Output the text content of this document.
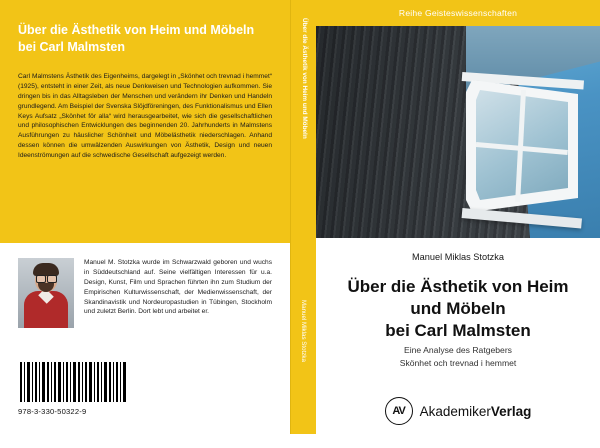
Über die Ästhetik von Heim und Möbeln bei Carl Malmsten
Carl Malmstens Ästhetik des Eigenheims, dargelegt in „Skönhet och trevnad i hemmet“ (1925), entsteht in einer Zeit, als neue Denkweisen und Technologien aufkommen. Sie dringen bis in das Alltagsleben der Menschen und verändern ihr Denken und Handeln grundlegend. Am Beispiel der Svenska Slöjdföreningen, des Funktionalismus und Ellen Keys Aufsatz „Skönhet för alla“ wird herausgearbeitet, wie sich die gesellschaftlichen und philosophischen Entwicklungen des beginnenden 20. Jahrhunderts in Malmstens Ausführungen zu häuslicher Schönheit und Möbelästhetik niederschlagen. Anhand dessen können die umwälzenden Auswirkungen von Ästhetik, Design und neuen Ideenströmungen auf die schwedische Gesellschaft aufgezeigt werden.
Manuel M. Stotzka wurde im Schwarzwald geboren und wuchs in Süddeutschland auf. Seine vielfältigen Interessen für u.a. Design, Kunst, Film und Sprachen führten ihn zum Studium der Empirischen Kulturwissenschaft, der Medienwissenschaft, der Skandinavistik und Nordeuropastudien in Tübingen, Stockholm und zuletzt Berlin. Dort lebt und arbeitet er.
978-3-330-50322-9
Über die Ästhetik von Heim und Möbeln
Manuel Miklas Stotzka
Reihe Geisteswissenschaften
Manuel Miklas Stotzka
Über die Ästhetik von Heim
und Möbeln
bei Carl Malmsten
Eine Analyse des Ratgebers
Skönhet och trevnad i hemmet
AV	AkademikerVerlag
